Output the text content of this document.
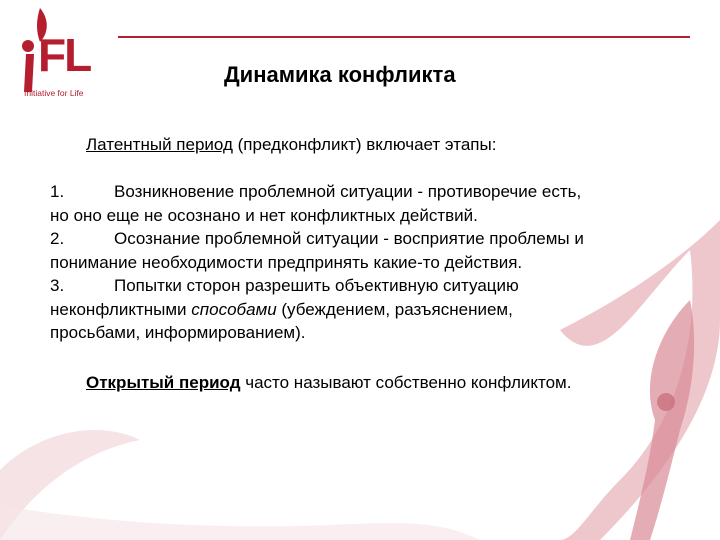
FL
Initiative for Life
Динамика конфликта
Латентный период (предконфликт) включает этапы:
1.	Возникновение проблемной ситуации - противоречие есть,
но оно еще не осознано и нет конфликтных действий.
2.	Осознание проблемной ситуации - восприятие проблемы и
понимание необходимости предпринять какие-то действия.
3.	Попытки сторон разрешить объективную ситуацию
неконфликтными способами (убеждением, разъяснением,
просьбами, информированием).
Открытый период часто называют собственно конфликтом.
